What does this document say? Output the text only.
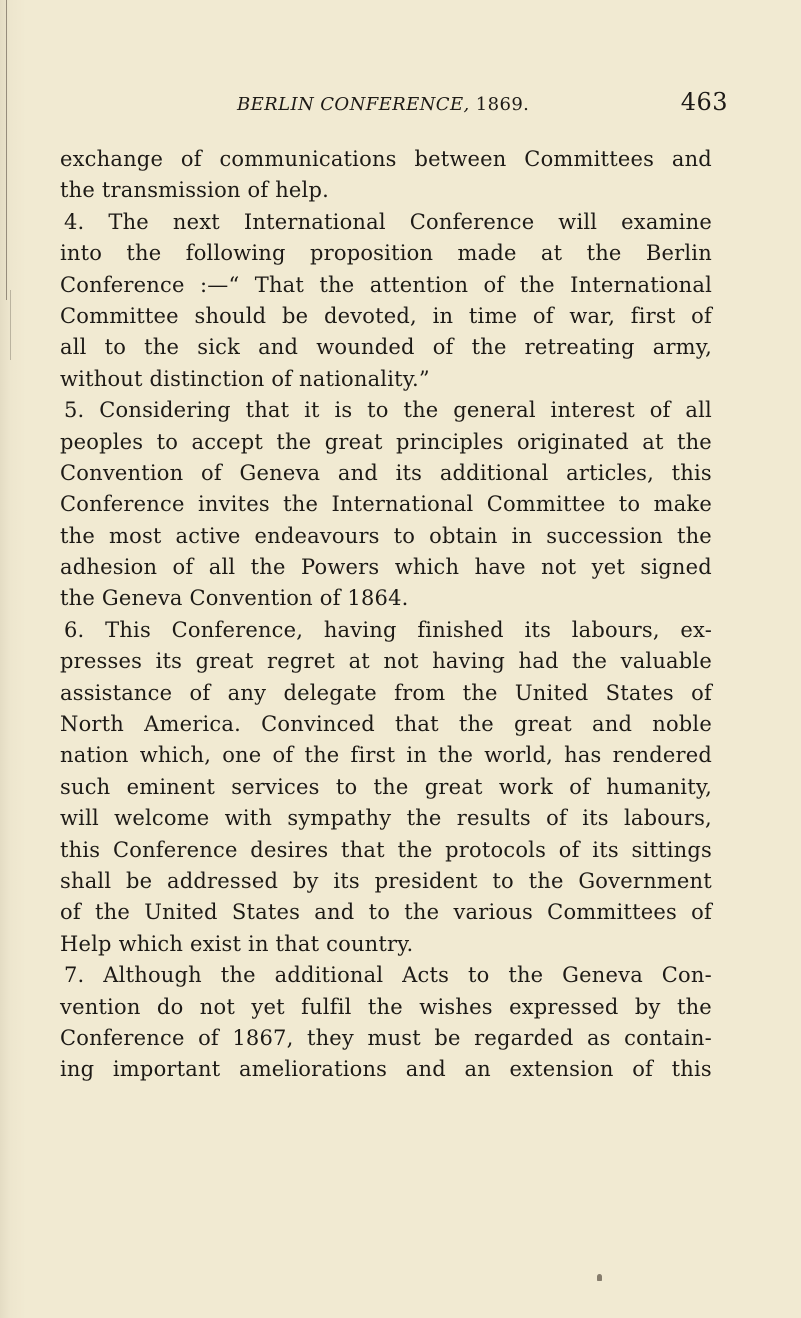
BERLIN CONFERENCE, 1869.	463
exchange of communications between Committees and
the transmission of help.
4. The next International Conference will examine
into the following proposition made at the Berlin
Conference :—“ That the attention of the International
Committee should be devoted, in time of war, first of
all to the sick and wounded of the retreating army,
without distinction of nationality.”
5. Considering that it is to the general interest of all
peoples to accept the great principles originated at the
Convention of Geneva and its additional articles, this
Conference invites the International Committee to make
the most active endeavours to obtain in succession the
adhesion of all the Powers which have not yet signed
the Geneva Convention of 1864.
6. This Conference, having finished its labours, ex-
presses its great regret at not having had the valuable
assistance of any delegate from the United States of
North America. Convinced that the great and noble
nation which, one of the first in the world, has rendered
such eminent services to the great work of humanity,
will welcome with sympathy the results of its labours,
this Conference desires that the protocols of its sittings
shall be addressed by its president to the Government
of the United States and to the various Committees of
Help which exist in that country.
7. Although the additional Acts to the Geneva Con-
vention do not yet fulfil the wishes expressed by the
Conference of 1867, they must be regarded as contain-
ing important ameliorations and an extension of this
